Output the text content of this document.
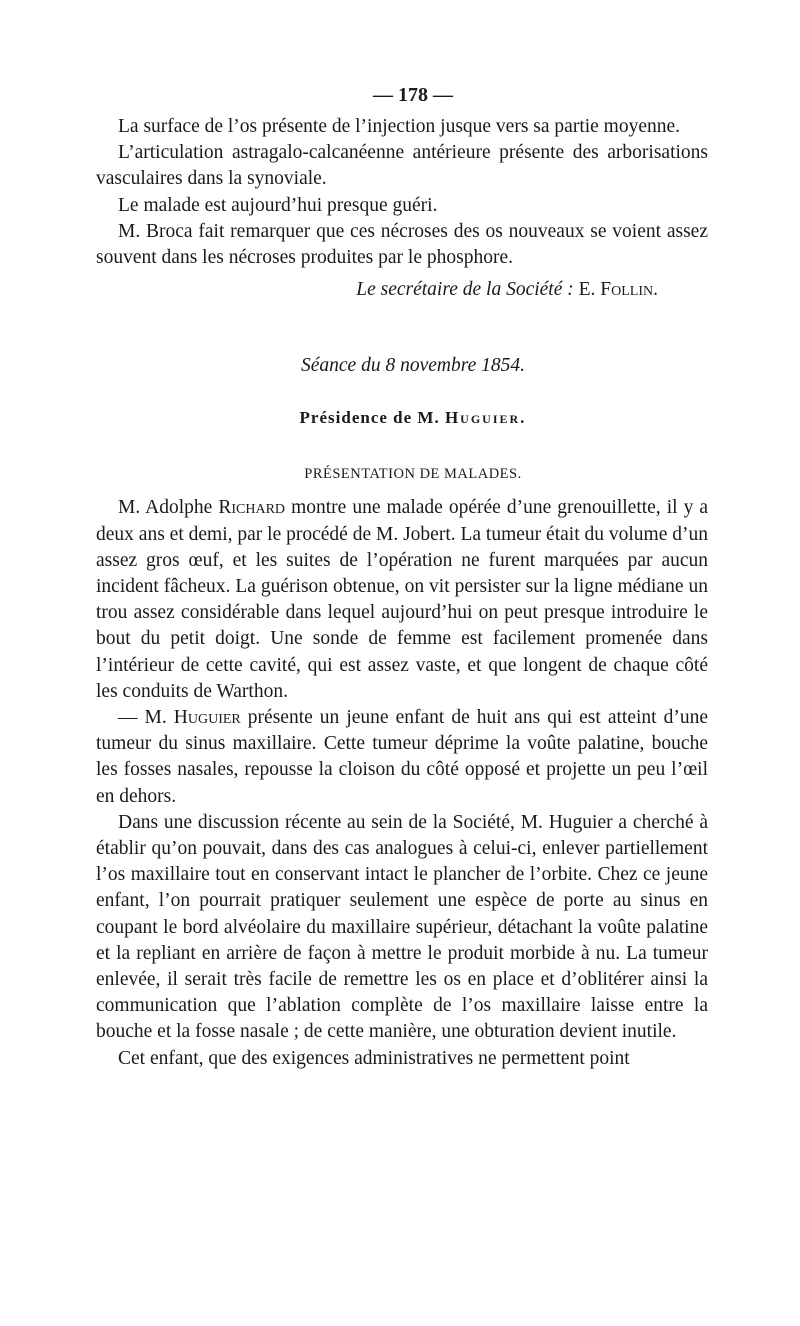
— 178 —

La surface de l’os présente de l’injection jusque vers sa partie moyenne.

L’articulation astragalo-calcanéenne antérieure présente des arborisations vasculaires dans la synoviale.

Le malade est aujourd’hui presque guéri.

M. Broca fait remarquer que ces nécroses des os nouveaux se voient assez souvent dans les nécroses produites par le phosphore.

Le secrétaire de la Société : E. Follin.
Séance du 8 novembre 1854.
Présidence de M. Huguier.
PRÉSENTATION DE MALADES.

M. Adolphe Richard montre une malade opérée d’une grenouillette, il y a deux ans et demi, par le procédé de M. Jobert. La tumeur était du volume d’un assez gros œuf, et les suites de l’opération ne furent marquées par aucun incident fâcheux. La guérison obtenue, on vit persister sur la ligne médiane un trou assez considérable dans lequel aujourd’hui on peut presque introduire le bout du petit doigt. Une sonde de femme est facilement promenée dans l’intérieur de cette cavité, qui est assez vaste, et que longent de chaque côté les conduits de Warthon.

— M. Huguier présente un jeune enfant de huit ans qui est atteint d’une tumeur du sinus maxillaire. Cette tumeur déprime la voûte palatine, bouche les fosses nasales, repousse la cloison du côté opposé et projette un peu l’œil en dehors.

Dans une discussion récente au sein de la Société, M. Huguier a cherché à établir qu’on pouvait, dans des cas analogues à celui-ci, enlever partiellement l’os maxillaire tout en conservant intact le plancher de l’orbite. Chez ce jeune enfant, l’on pourrait pratiquer seulement une espèce de porte au sinus en coupant le bord alvéolaire du maxillaire supérieur, détachant la voûte palatine et la repliant en arrière de façon à mettre le produit morbide à nu. La tumeur enlevée, il serait très facile de remettre les os en place et d’oblitérer ainsi la communication que l’ablation complète de l’os maxillaire laisse entre la bouche et la fosse nasale ; de cette manière, une obturation devient inutile.

Cet enfant, que des exigences administratives ne permettent point
